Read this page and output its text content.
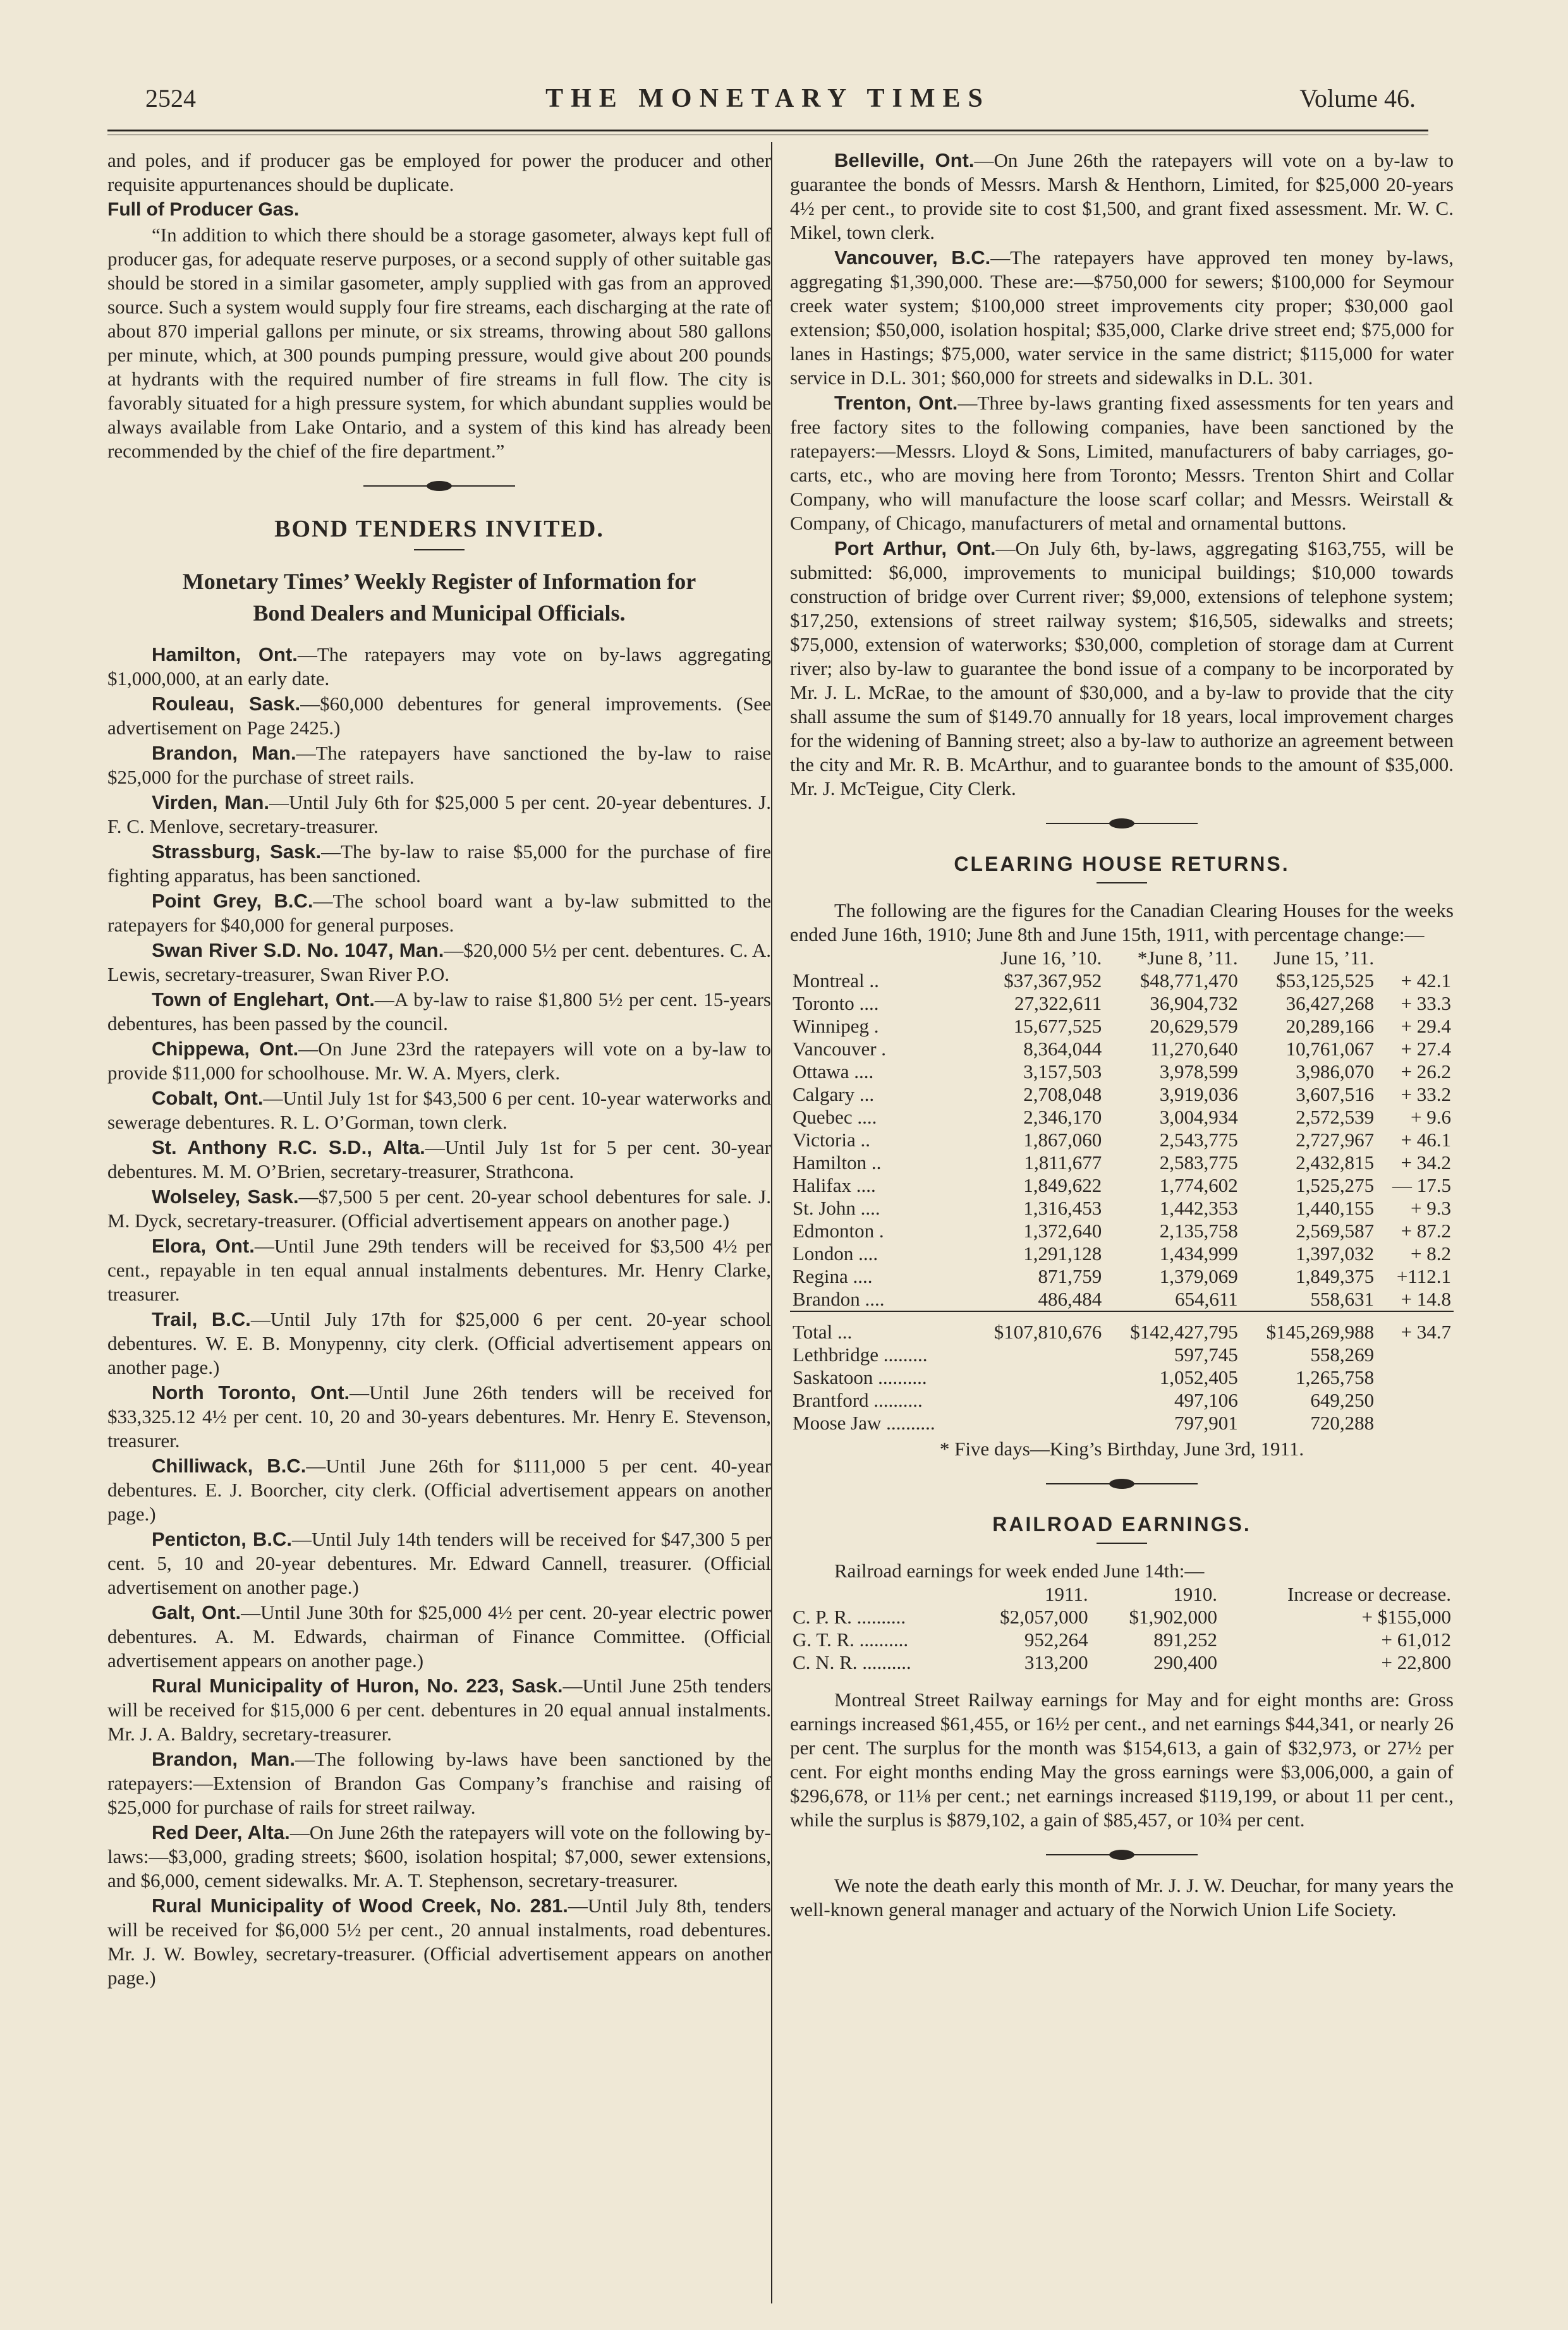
2524	THE MONETARY TIMES	Volume 46.

and poles, and if producer gas be employed for power the producer and other requisite appurtenances should be duplicate.

Full of Producer Gas.

“In addition to which there should be a storage gasometer, always kept full of producer gas, for adequate reserve purposes, or a second supply of other suitable gas should be stored in a similar gasometer, amply supplied with gas from an approved source. Such a system would supply four fire streams, each discharging at the rate of about 870 imperial gallons per minute, or six streams, throwing about 580 gallons per minute, which, at 300 pounds pumping pressure, would give about 200 pounds at hydrants with the required number of fire streams in full flow. The city is favorably situated for a high pressure system, for which abundant supplies would be always available from Lake Ontario, and a system of this kind has already been recommended by the chief of the fire department.”

BOND TENDERS INVITED.
Monetary Times’ Weekly Register of Information for
Bond Dealers and Municipal Officials.

Hamilton, Ont.—The ratepayers may vote on by-laws aggregating $1,000,000, at an early date.

Rouleau, Sask.—$60,000 debentures for general improvements. (See advertisement on Page 2425.)

Brandon, Man.—The ratepayers have sanctioned the by-law to raise $25,000 for the purchase of street rails.

Virden, Man.—Until July 6th for $25,000 5 per cent. 20-year debentures. J. F. C. Menlove, secretary-treasurer.

Strassburg, Sask.—The by-law to raise $5,000 for the purchase of fire fighting apparatus, has been sanctioned.

Point Grey, B.C.—The school board want a by-law submitted to the ratepayers for $40,000 for general purposes.

Swan River S.D. No. 1047, Man.—$20,000 5½ per cent. debentures. C. A. Lewis, secretary-treasurer, Swan River P.O.

Town of Englehart, Ont.—A by-law to raise $1,800 5½ per cent. 15-years debentures, has been passed by the council.

Chippewa, Ont.—On June 23rd the ratepayers will vote on a by-law to provide $11,000 for schoolhouse. Mr. W. A. Myers, clerk.

Cobalt, Ont.—Until July 1st for $43,500 6 per cent. 10-year waterworks and sewerage debentures. R. L. O’Gorman, town clerk.

St. Anthony R.C. S.D., Alta.—Until July 1st for 5 per cent. 30-year debentures. M. M. O’Brien, secretary-treasurer, Strathcona.

Wolseley, Sask.—$7,500 5 per cent. 20-year school debentures for sale. J. M. Dyck, secretary-treasurer. (Official advertisement appears on another page.)

Elora, Ont.—Until June 29th tenders will be received for $3,500 4½ per cent., repayable in ten equal annual instalments debentures. Mr. Henry Clarke, treasurer.

Trail, B.C.—Until July 17th for $25,000 6 per cent. 20-year school debentures. W. E. B. Monypenny, city clerk. (Official advertisement appears on another page.)

North Toronto, Ont.—Until June 26th tenders will be received for $33,325.12 4½ per cent. 10, 20 and 30-years debentures. Mr. Henry E. Stevenson, treasurer.

Chilliwack, B.C.—Until June 26th for $111,000 5 per cent. 40-year debentures. E. J. Boorcher, city clerk. (Official advertisement appears on another page.)

Penticton, B.C.—Until July 14th tenders will be received for $47,300 5 per cent. 5, 10 and 20-year debentures. Mr. Edward Cannell, treasurer. (Official advertisement on another page.)

Galt, Ont.—Until June 30th for $25,000 4½ per cent. 20-year electric power debentures. A. M. Edwards, chairman of Finance Committee. (Official advertisement appears on another page.)

Rural Municipality of Huron, No. 223, Sask.—Until June 25th tenders will be received for $15,000 6 per cent. debentures in 20 equal annual instalments. Mr. J. A. Baldry, secretary-treasurer.

Brandon, Man.—The following by-laws have been sanctioned by the ratepayers:—Extension of Brandon Gas Company’s franchise and raising of $25,000 for purchase of rails for street railway.

Red Deer, Alta.—On June 26th the ratepayers will vote on the following by-laws:—$3,000, grading streets; $600, isolation hospital; $7,000, sewer extensions, and $6,000, cement sidewalks. Mr. A. T. Stephenson, secretary-treasurer.

Rural Municipality of Wood Creek, No. 281.—Until July 8th, tenders will be received for $6,000 5½ per cent., 20 annual instalments, road debentures. Mr. J. W. Bowley, secretary-treasurer. (Official advertisement appears on another page.)

Belleville, Ont.—On June 26th the ratepayers will vote on a by-law to guarantee the bonds of Messrs. Marsh & Henthorn, Limited, for $25,000 20-years 4½ per cent., to provide site to cost $1,500, and grant fixed assessment. Mr. W. C. Mikel, town clerk.

Vancouver, B.C.—The ratepayers have approved ten money by-laws, aggregating $1,390,000. These are:—$750,000 for sewers; $100,000 for Seymour creek water system; $100,000 street improvements city proper; $30,000 gaol extension; $50,000, isolation hospital; $35,000, Clarke drive street end; $75,000 for lanes in Hastings; $75,000, water service in the same district; $115,000 for water service in D.L. 301; $60,000 for streets and sidewalks in D.L. 301.

Trenton, Ont.—Three by-laws granting fixed assessments for ten years and free factory sites to the following companies, have been sanctioned by the ratepayers:—Messrs. Lloyd & Sons, Limited, manufacturers of baby carriages, go-carts, etc., who are moving here from Toronto; Messrs. Trenton Shirt and Collar Company, who will manufacture the loose scarf collar; and Messrs. Weirstall & Company, of Chicago, manufacturers of metal and ornamental buttons.

Port Arthur, Ont.—On July 6th, by-laws, aggregating $163,755, will be submitted: $6,000, improvements to municipal buildings; $10,000 towards construction of bridge over Current river; $9,000, extensions of telephone system; $17,250, extensions of street railway system; $16,505, sidewalks and streets; $75,000, extension of waterworks; $30,000, completion of storage dam at Current river; also by-law to guarantee the bond issue of a company to be incorporated by Mr. J. L. McRae, to the amount of $30,000, and a by-law to provide that the city shall assume the sum of $149.70 annually for 18 years, local improvement charges for the widening of Banning street; also a by-law to authorize an agreement between the city and Mr. R. B. McArthur, and to guarantee bonds to the amount of $35,000. Mr. J. McTeigue, City Clerk.

CLEARING HOUSE RETURNS.

The following are the figures for the Canadian Clearing Houses for the weeks ended June 16th, 1910; June 8th and June 15th, 1911, with percentage change:—

	June 16, ’10.	*June 8, ’11.	June 15, ’11.	
Montreal ..	$37,367,952	$48,771,470	$53,125,525	+ 42.1
Toronto ....	27,322,611	36,904,732	36,427,268	+ 33.3
Winnipeg .	15,677,525	20,629,579	20,289,166	+ 29.4
Vancouver .	8,364,044	11,270,640	10,761,067	+ 27.4
Ottawa ....	3,157,503	3,978,599	3,986,070	+ 26.2
Calgary ...	2,708,048	3,919,036	3,607,516	+ 33.2
Quebec ....	2,346,170	3,004,934	2,572,539	+ 9.6
Victoria ..	1,867,060	2,543,775	2,727,967	+ 46.1
Hamilton ..	1,811,677	2,583,775	2,432,815	+ 34.2
Halifax ....	1,849,622	1,774,602	1,525,275	— 17.5
St. John ....	1,316,453	1,442,353	1,440,155	+ 9.3
Edmonton .	1,372,640	2,135,758	2,569,587	+ 87.2
London ....	1,291,128	1,434,999	1,397,032	+ 8.2
Regina ....	871,759	1,379,069	1,849,375	+112.1
Brandon ....	486,484	654,611	558,631	+ 14.8
Total ...	$107,810,676	$142,427,795	$145,269,988	+ 34.7
Lethbridge .........		597,745	558,269	
Saskatoon ..........		1,052,405	1,265,758	
Brantford ..........		497,106	649,250	
Moose Jaw ..........		797,901	720,288	

* Five days—King’s Birthday, June 3rd, 1911.

RAILROAD EARNINGS.

Railroad earnings for week ended June 14th:—

	1911.	1910.	Increase or decrease.
C. P. R. ..........	$2,057,000	$1,902,000	+ $155,000
G. T. R. ..........	952,264	891,252	+ 61,012
C. N. R. ..........	313,200	290,400	+ 22,800

Montreal Street Railway earnings for May and for eight months are: Gross earnings increased $61,455, or 16½ per cent., and net earnings $44,341, or nearly 26 per cent. The surplus for the month was $154,613, a gain of $32,973, or 27½ per cent. For eight months ending May the gross earnings were $3,006,000, a gain of $296,678, or 11⅛ per cent.; net earnings increased $119,199, or about 11 per cent., while the surplus is $879,102, a gain of $85,457, or 10¾ per cent.

We note the death early this month of Mr. J. J. W. Deuchar, for many years the well-known general manager and actuary of the Norwich Union Life Society.
